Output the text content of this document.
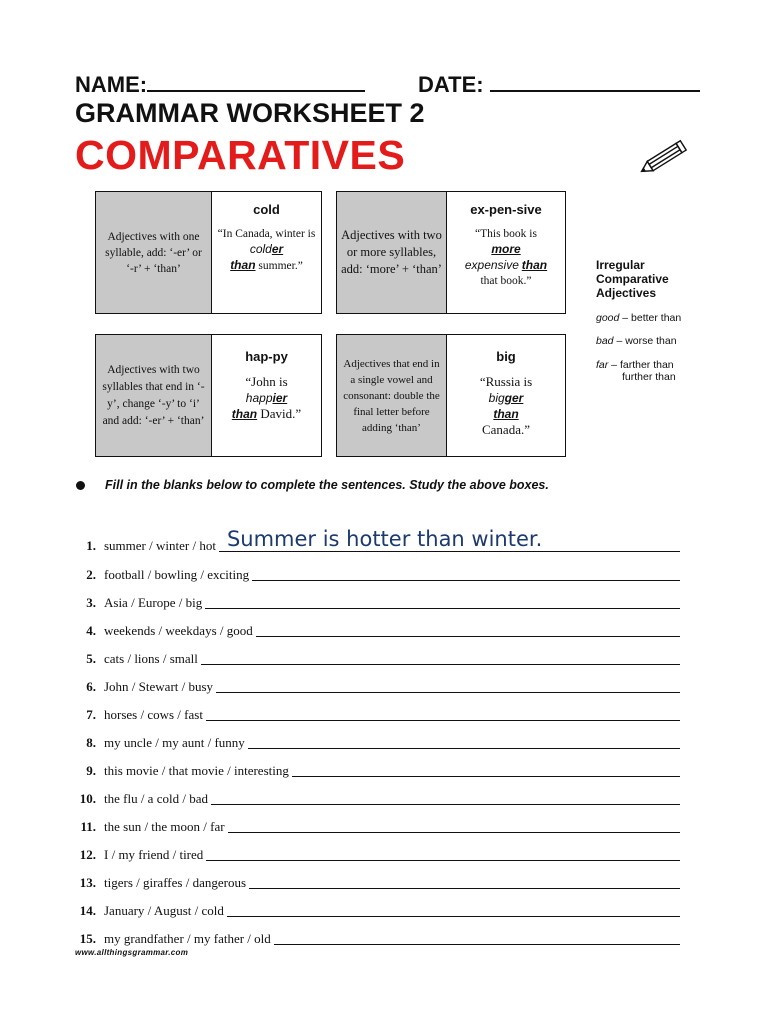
NAME:	DATE:
GRAMMAR WORKSHEET 2
COMPARATIVES
Adjectives with one syllable, add: ‘-er’ or ‘-r’ + ‘than’
cold
“In Canada, winter is colder
than summer.”
Adjectives with two or more syllables, add: ‘more’ + ‘than’
ex-pen-sive
“This book is
more
expensive than
that book.”
Adjectives with two syllables that end in ‘-y’, change ‘-y’ to ‘i’ and add: ‘-er’ + ‘than’
hap-py
“John is
happier
than David.”
Adjectives that end in a single vowel and consonant: double the final letter before adding ‘than’
big
“Russia is
bigger
than
Canada.”
Irregular Comparative Adjectives
good – better than
bad – worse than
far – farther than
further than
Fill in the blanks below to complete the sentences. Study the above boxes.
1. summer / winter / hot Summer is hotter than winter.
2. football / bowling / exciting
3. Asia / Europe / big
4. weekends / weekdays / good
5. cats / lions / small
6. John / Stewart / busy
7. horses / cows / fast
8. my uncle / my aunt / funny
9. this movie / that movie / interesting
10. the flu / a cold / bad
11. the sun / the moon / far
12. I / my friend / tired
13. tigers / giraffes / dangerous
14. January / August / cold
15. my grandfather / my father / old
www.allthingsgrammar.com
